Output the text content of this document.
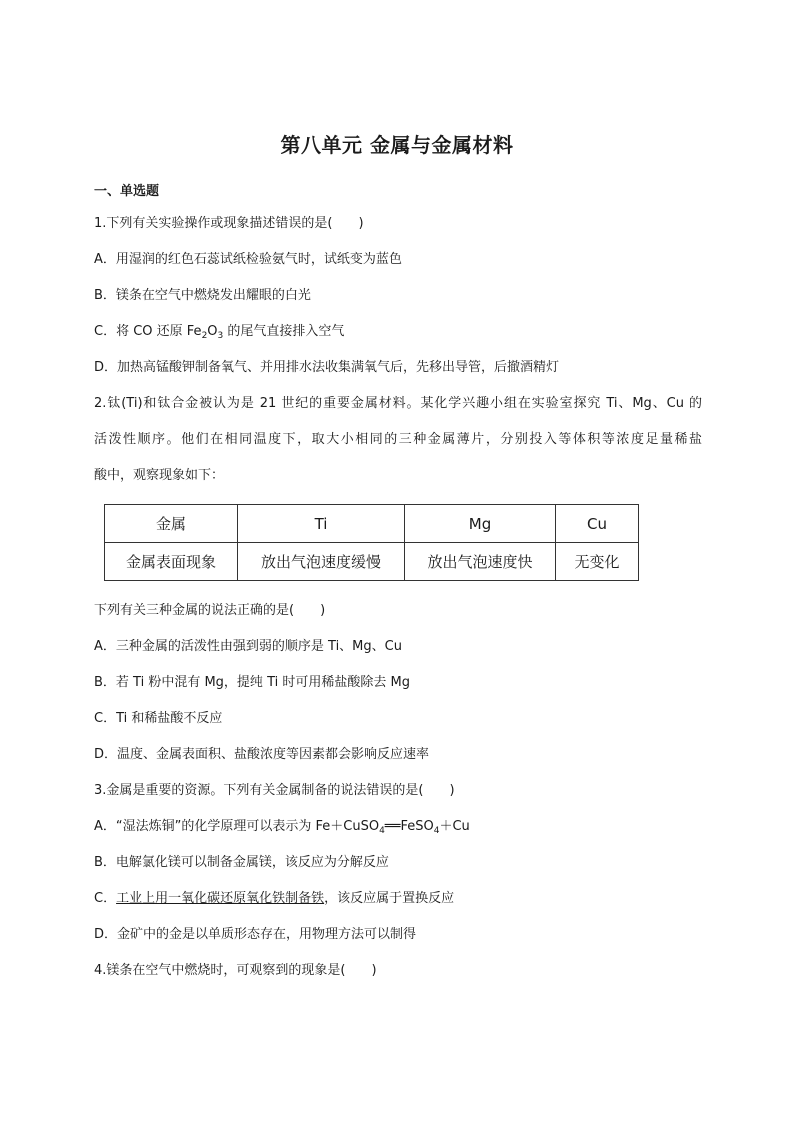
第八单元 金属与金属材料
一、单选题
1.下列有关实验操作或现象描述错误的是(　　)
A．用湿润的红色石蕊试纸检验氨气时，试纸变为蓝色
B．镁条在空气中燃烧发出耀眼的白光
C．将 CO 还原 $Fe_2O_3$ 的尾气直接排入空气
D．加热高锰酸钾制备氧气、并用排水法收集满氧气后，先移出导管，后撤酒精灯
2.钛(Ti)和钛合金被认为是 21 世纪的重要金属材料。某化学兴趣小组在实验室探究 Ti、Mg、Cu 的
活泼性顺序。他们在相同温度下，取大小相同的三种金属薄片，分别投入等体积等浓度足量稀盐
酸中，观察现象如下：
金属	Ti	Mg	Cu
金属表面现象	放出气泡速度缓慢	放出气泡速度快	无变化
下列有关三种金属的说法正确的是(　　)
A．三种金属的活泼性由强到弱的顺序是 Ti、Mg、Cu
B．若 Ti 粉中混有 Mg，提纯 Ti 时可用稀盐酸除去 Mg
C．Ti 和稀盐酸不反应
D．温度、金属表面积、盐酸浓度等因素都会影响反应速率
3.金属是重要的资源。下列有关金属制备的说法错误的是(　　)
A．“湿法炼铜”的化学原理可以表示为 Fe＋CuSO$_4$══FeSO$_4$＋Cu
B．电解氯化镁可以制备金属镁，该反应为分解反应
C．工业上用一氧化碳还原氧化铁制备铁，该反应属于置换反应
D．金矿中的金是以单质形态存在，用物理方法可以制得
4.镁条在空气中燃烧时，可观察到的现象是(　　)
